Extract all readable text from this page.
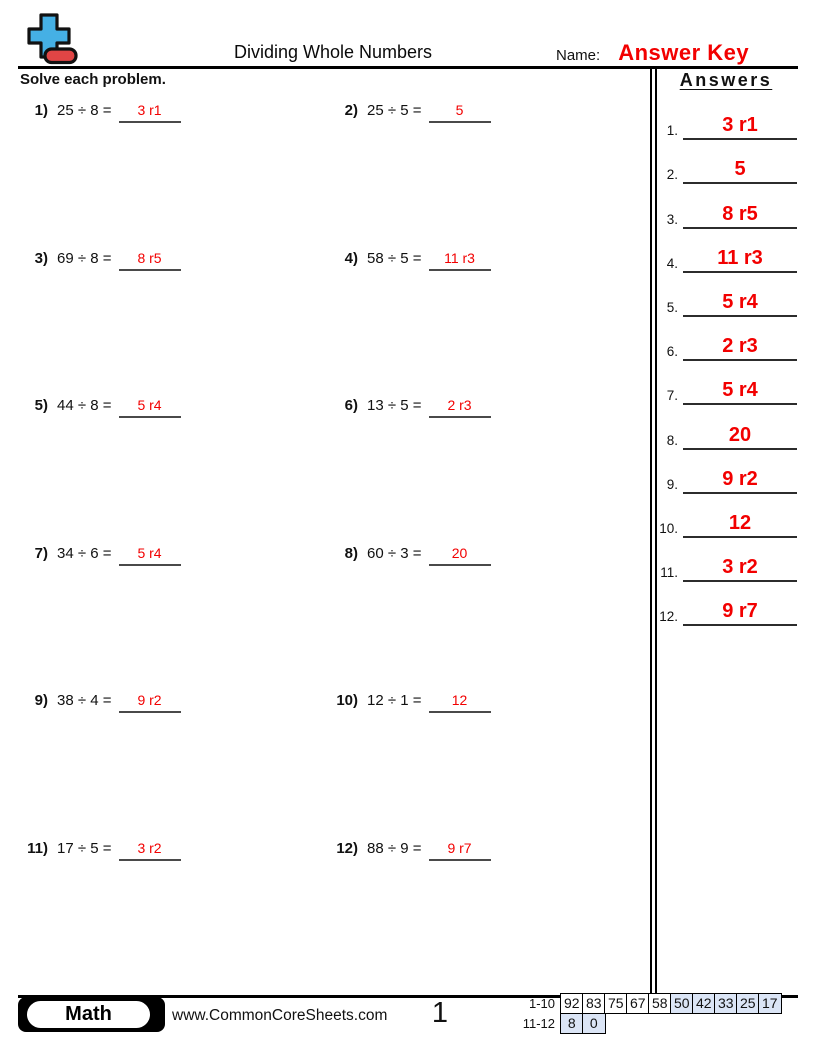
Dividing Whole Numbers	Name: Answer Key
Solve each problem.
1) 25 ÷ 8 =	3 r1	2) 25 ÷ 5 =	5
3) 69 ÷ 8 =	8 r5	4) 58 ÷ 5 =	11 r3
5) 44 ÷ 8 =	5 r4	6) 13 ÷ 5 =	2 r3
7) 34 ÷ 6 =	5 r4	8) 60 ÷ 3 =	20
9) 38 ÷ 4 =	9 r2	10) 12 ÷ 1 =	12
11) 17 ÷ 5 =	3 r2	12) 88 ÷ 9 =	9 r7
Answers
1.	3 r1
2.	5
3.	8 r5
4.	11 r3
5.	5 r4
6.	2 r3
7.	5 r4
8.	20
9.	9 r2
10.	12
11.	3 r2
12.	9 r7
Math	www.CommonCoreSheets.com	1	1-10 92 83 75 67 58 50 42 33 25 17
11-12 8	0
